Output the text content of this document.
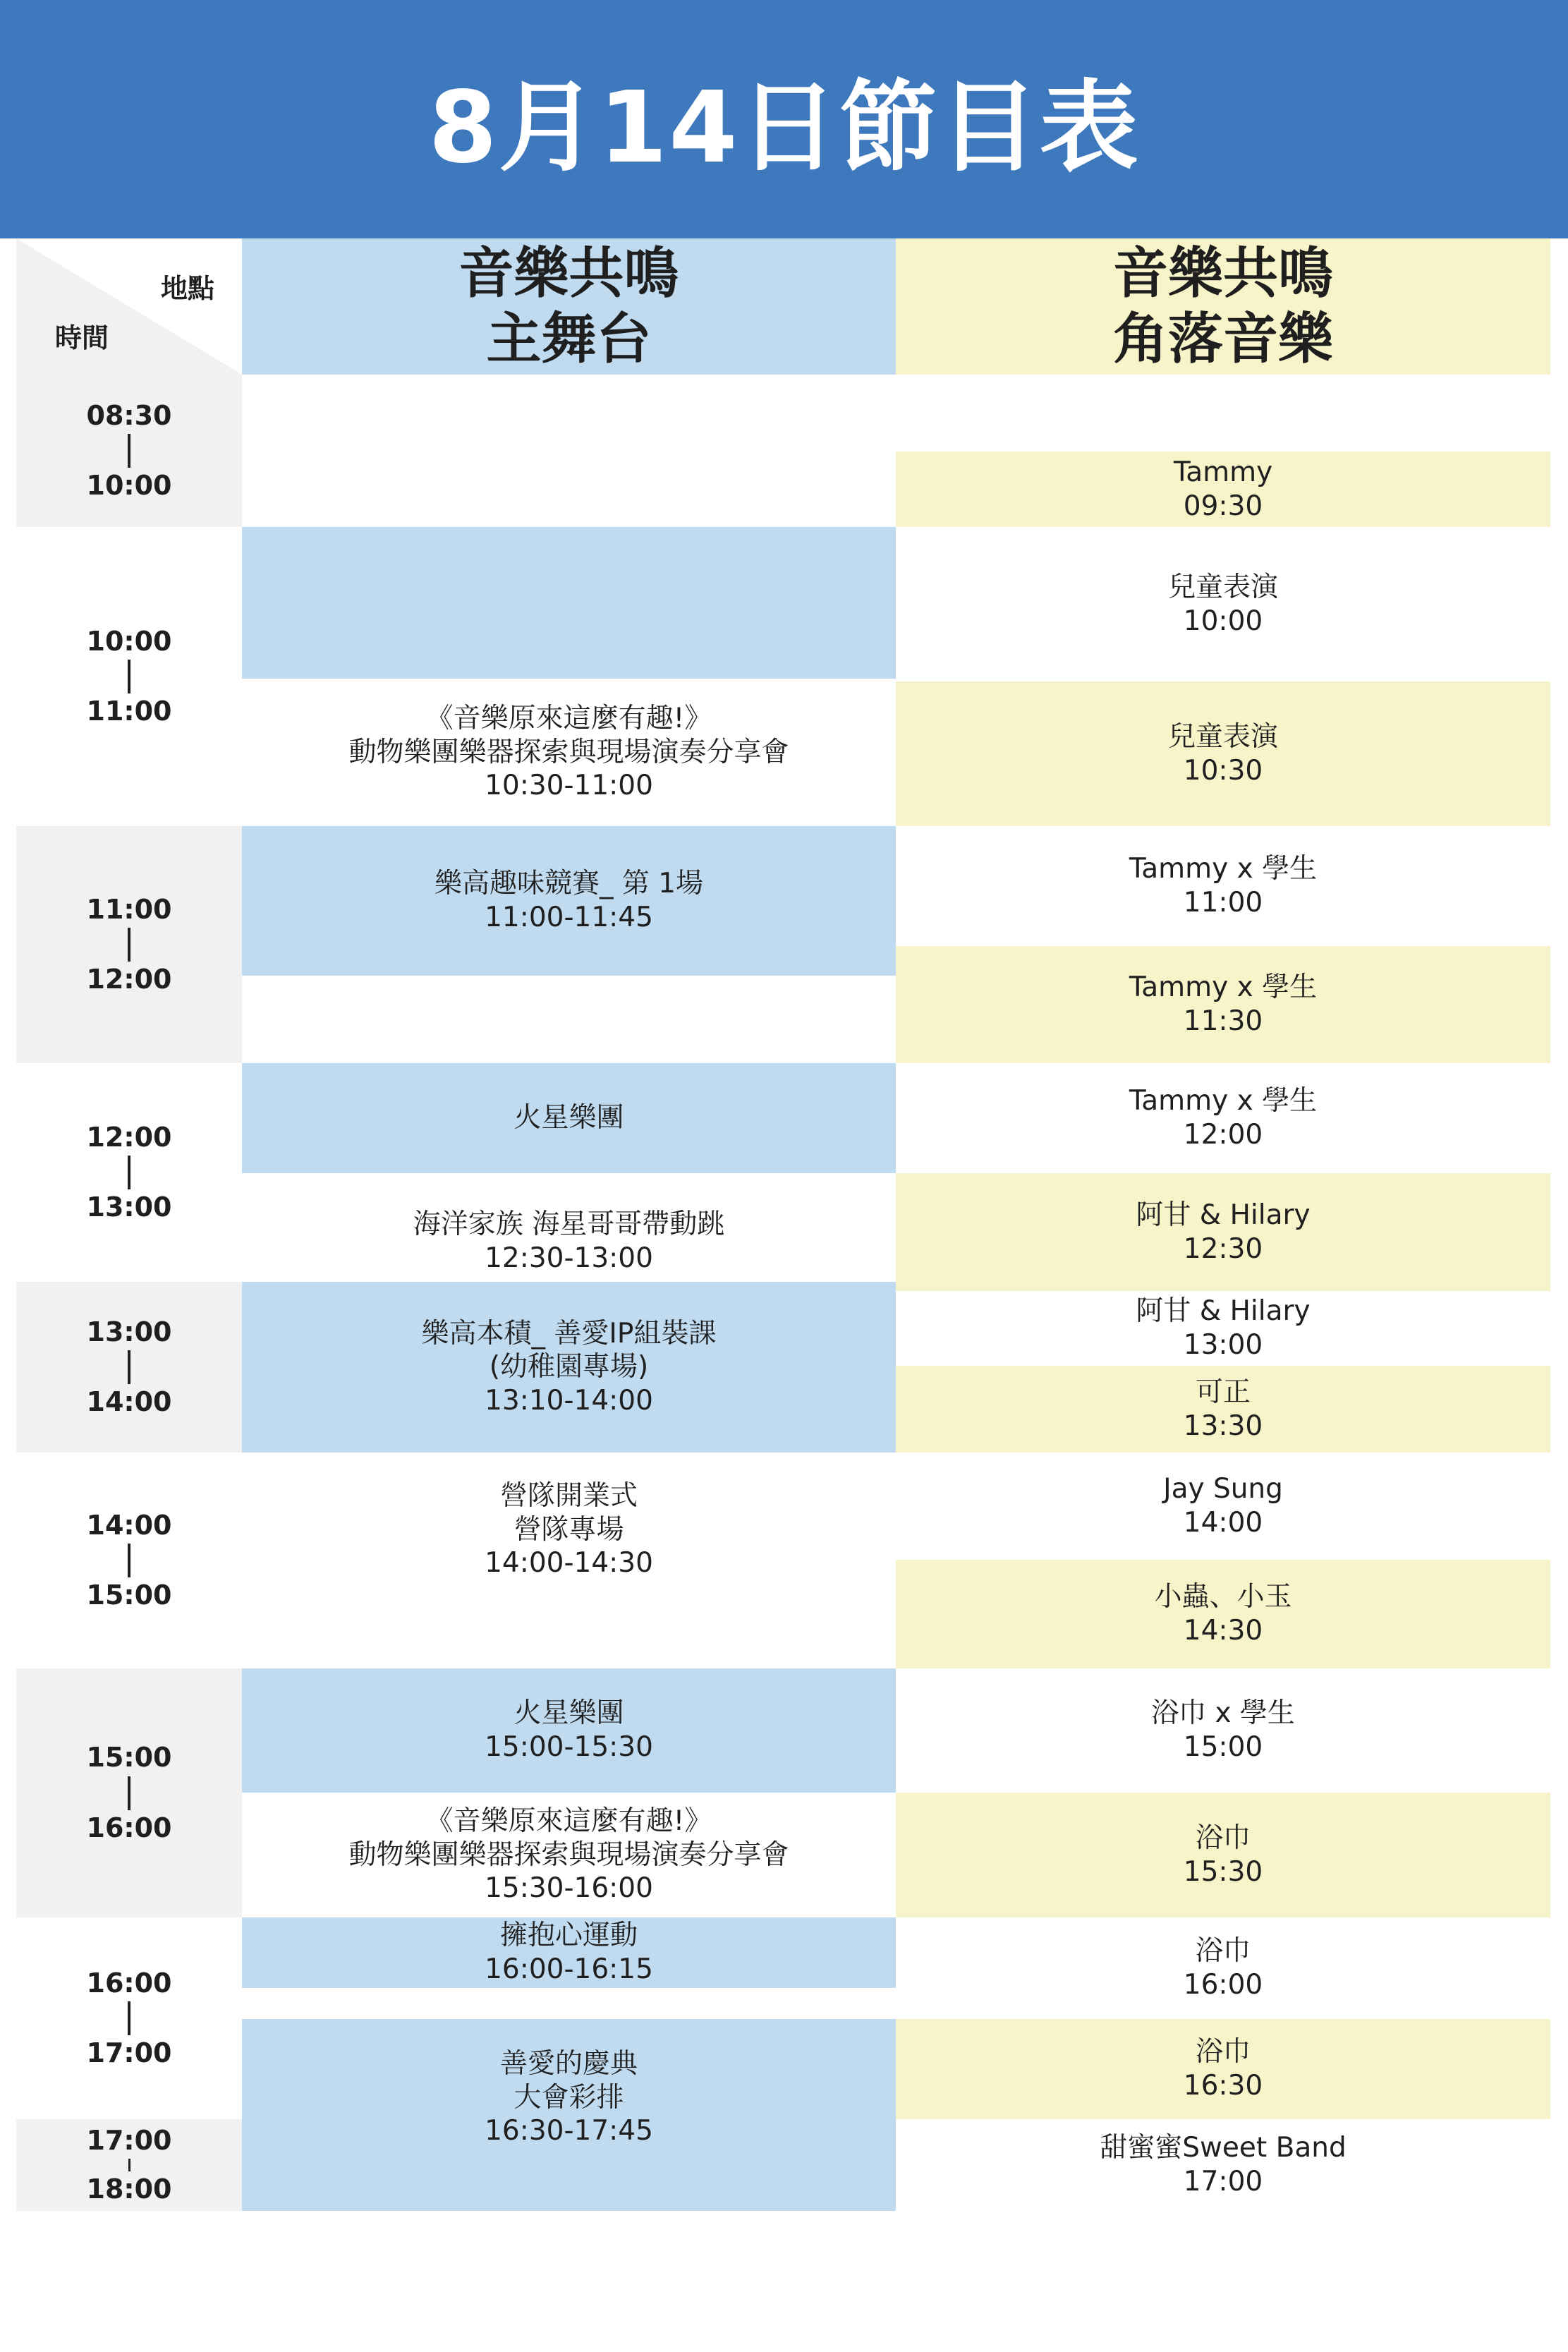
8月14日節目表
地點
時間
音樂共鳴
主舞台
音樂共鳴
角落音樂
08:30
10:00
10:00
11:00
11:00
12:00
12:00
13:00
13:00
14:00
14:00
15:00
15:00
16:00
16:00
17:00
17:00
18:00
《音樂原來這麼有趣!》
動物樂團樂器探索與現場演奏分享會
10:30-11:00
樂高趣味競賽_ 第 1場
11:00-11:45
火星樂團
海洋家族 海星哥哥帶動跳
12:30-13:00
樂高本積_ 善愛IP組裝課
(幼稚園專場)
13:10-14:00
營隊開業式
營隊專場
14:00-14:30
火星樂團
15:00-15:30
《音樂原來這麼有趣!》
動物樂團樂器探索與現場演奏分享會
15:30-16:00
擁抱心運動
16:00-16:15
善愛的慶典
大會彩排
16:30-17:45
Tammy
09:30
兒童表演
10:00
兒童表演
10:30
Tammy x 學生
11:00
Tammy x 學生
11:30
Tammy x 學生
12:00
阿甘 & Hilary
12:30
阿甘 & Hilary
13:00
可正
13:30
Jay Sung
14:00
小蟲、小玉
14:30
浴巾 x 學生
15:00
浴巾
15:30
浴巾
16:00
浴巾
16:30
甜蜜蜜Sweet Band
17:00
